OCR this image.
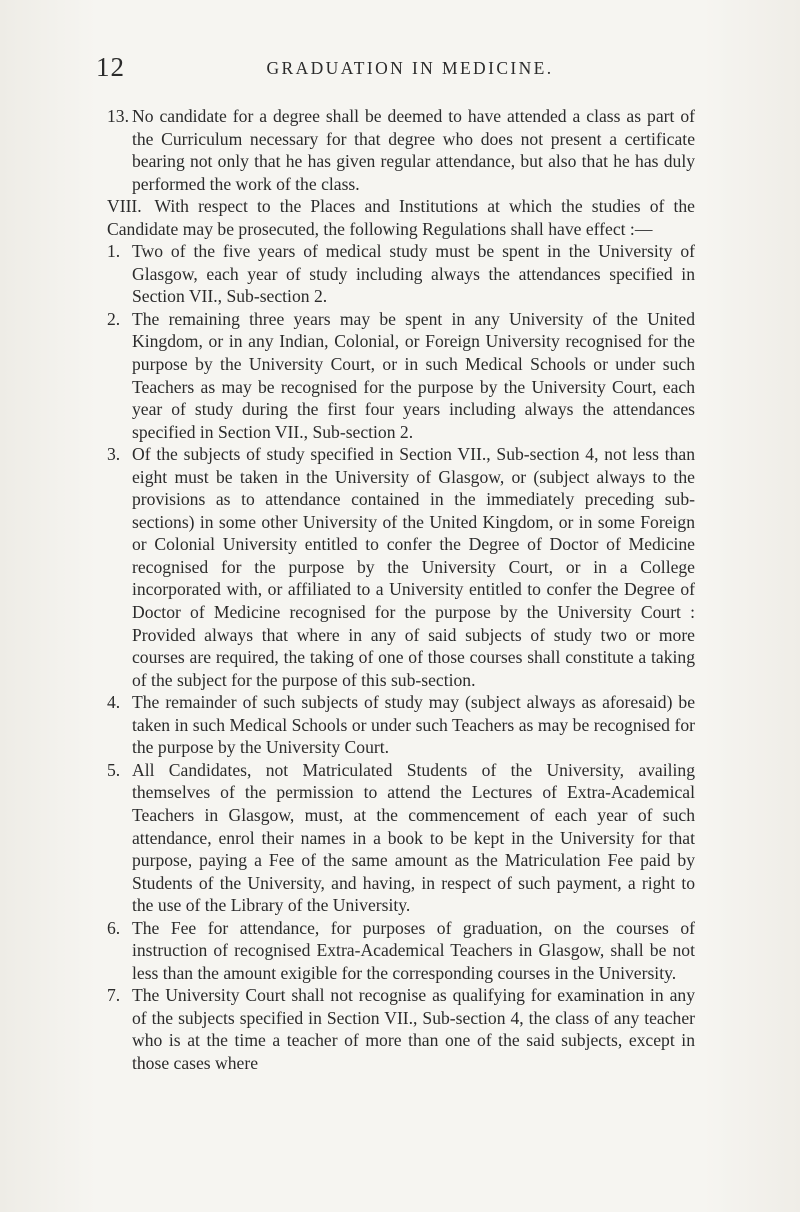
12	GRADUATION IN MEDICINE.
13. No candidate for a degree shall be deemed to have attended a class as part of the Curriculum necessary for that degree who does not present a certificate bearing not only that he has given regular attendance, but also that he has duly performed the work of the class.

VIII. With respect to the Places and Institutions at which the studies of the Candidate may be prosecuted, the following Regulations shall have effect :—

1. Two of the five years of medical study must be spent in the University of Glasgow, each year of study including always the attendances specified in Section VII., Sub-section 2.
2. The remaining three years may be spent in any University of the United Kingdom, or in any Indian, Colonial, or Foreign University recognised for the purpose by the University Court, or in such Medical Schools or under such Teachers as may be recognised for the purpose by the University Court, each year of study during the first four years including always the attendances specified in Section VII., Sub-section 2.
3. Of the subjects of study specified in Section VII., Sub-section 4, not less than eight must be taken in the University of Glasgow, or (subject always to the provisions as to attendance contained in the immediately preceding sub-sections) in some other University of the United Kingdom, or in some Foreign or Colonial University entitled to confer the Degree of Doctor of Medicine recognised for the purpose by the University Court, or in a College incorporated with, or affiliated to a University entitled to confer the Degree of Doctor of Medicine recognised for the purpose by the University Court : Provided always that where in any of said subjects of study two or more courses are required, the taking of one of those courses shall constitute a taking of the subject for the purpose of this sub-section.
4. The remainder of such subjects of study may (subject always as aforesaid) be taken in such Medical Schools or under such Teachers as may be recognised for the purpose by the University Court.
5. All Candidates, not Matriculated Students of the University, availing themselves of the permission to attend the Lectures of Extra-Academical Teachers in Glasgow, must, at the commencement of each year of such attendance, enrol their names in a book to be kept in the University for that purpose, paying a Fee of the same amount as the Matriculation Fee paid by Students of the University, and having, in respect of such payment, a right to the use of the Library of the University.
6. The Fee for attendance, for purposes of graduation, on the courses of instruction of recognised Extra-Academical Teachers in Glasgow, shall be not less than the amount exigible for the corresponding courses in the University.
7. The University Court shall not recognise as qualifying for examination in any of the subjects specified in Section VII., Sub-section 4, the class of any teacher who is at the time a teacher of more than one of the said subjects, except in those cases where
